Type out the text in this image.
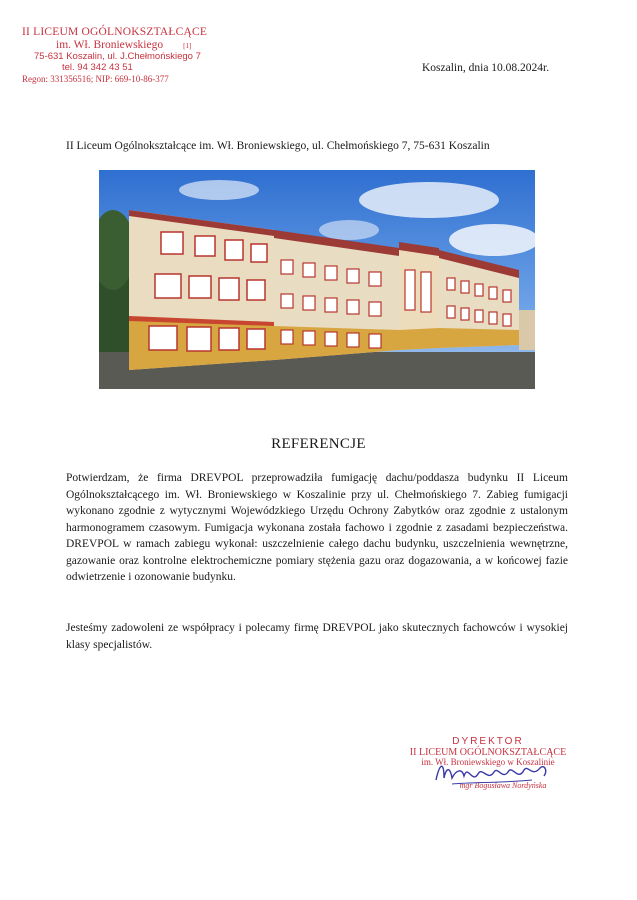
II LICEUM OGÓLNOKSZTAŁCĄCE
im. Wł. Broniewskiego	[1]
75-631 Koszalin, ul. J.Chełmońskiego 7
tel. 94 342 43 51
Regon: 331356516; NIP: 669-10-86-377
Koszalin, dnia 10.08.2024r.
II Liceum Ogólnokształcące im. Wł. Broniewskiego, ul. Chełmońskiego 7, 75-631 Koszalin
REFERENCJE

Potwierdzam, że firma DREVPOL przeprowadziła fumigację dachu/poddasza budynku II Liceum Ogólnokształcącego im. Wł. Broniewskiego w Koszalinie przy ul. Chełmońskiego 7. Zabieg fumigacji wykonano zgodnie z wytycznymi Wojewódzkiego Urzędu Ochrony Zabytków oraz zgodnie z ustalonym harmonogramem czasowym. Fumigacja wykonana została fachowo i zgodnie z zasadami bezpieczeństwa. DREVPOL w ramach zabiegu wykonał: uszczelnienie całego dachu budynku, uszczelnienia wewnętrzne, gazowanie oraz kontrolne elektrochemiczne pomiary stężenia gazu oraz dogazowania, a w końcowej fazie odwietrzenie i ozonowanie budynku.

Jesteśmy zadowoleni ze współpracy i polecamy firmę DREVPOL jako skutecznych fachowców i wysokiej klasy specjalistów.

DYREKTOR
II LICEUM OGÓLNOKSZTAŁCĄCE
im. Wł. Broniewskiego w Koszalinie
mgr Bogusława Nordyńska
